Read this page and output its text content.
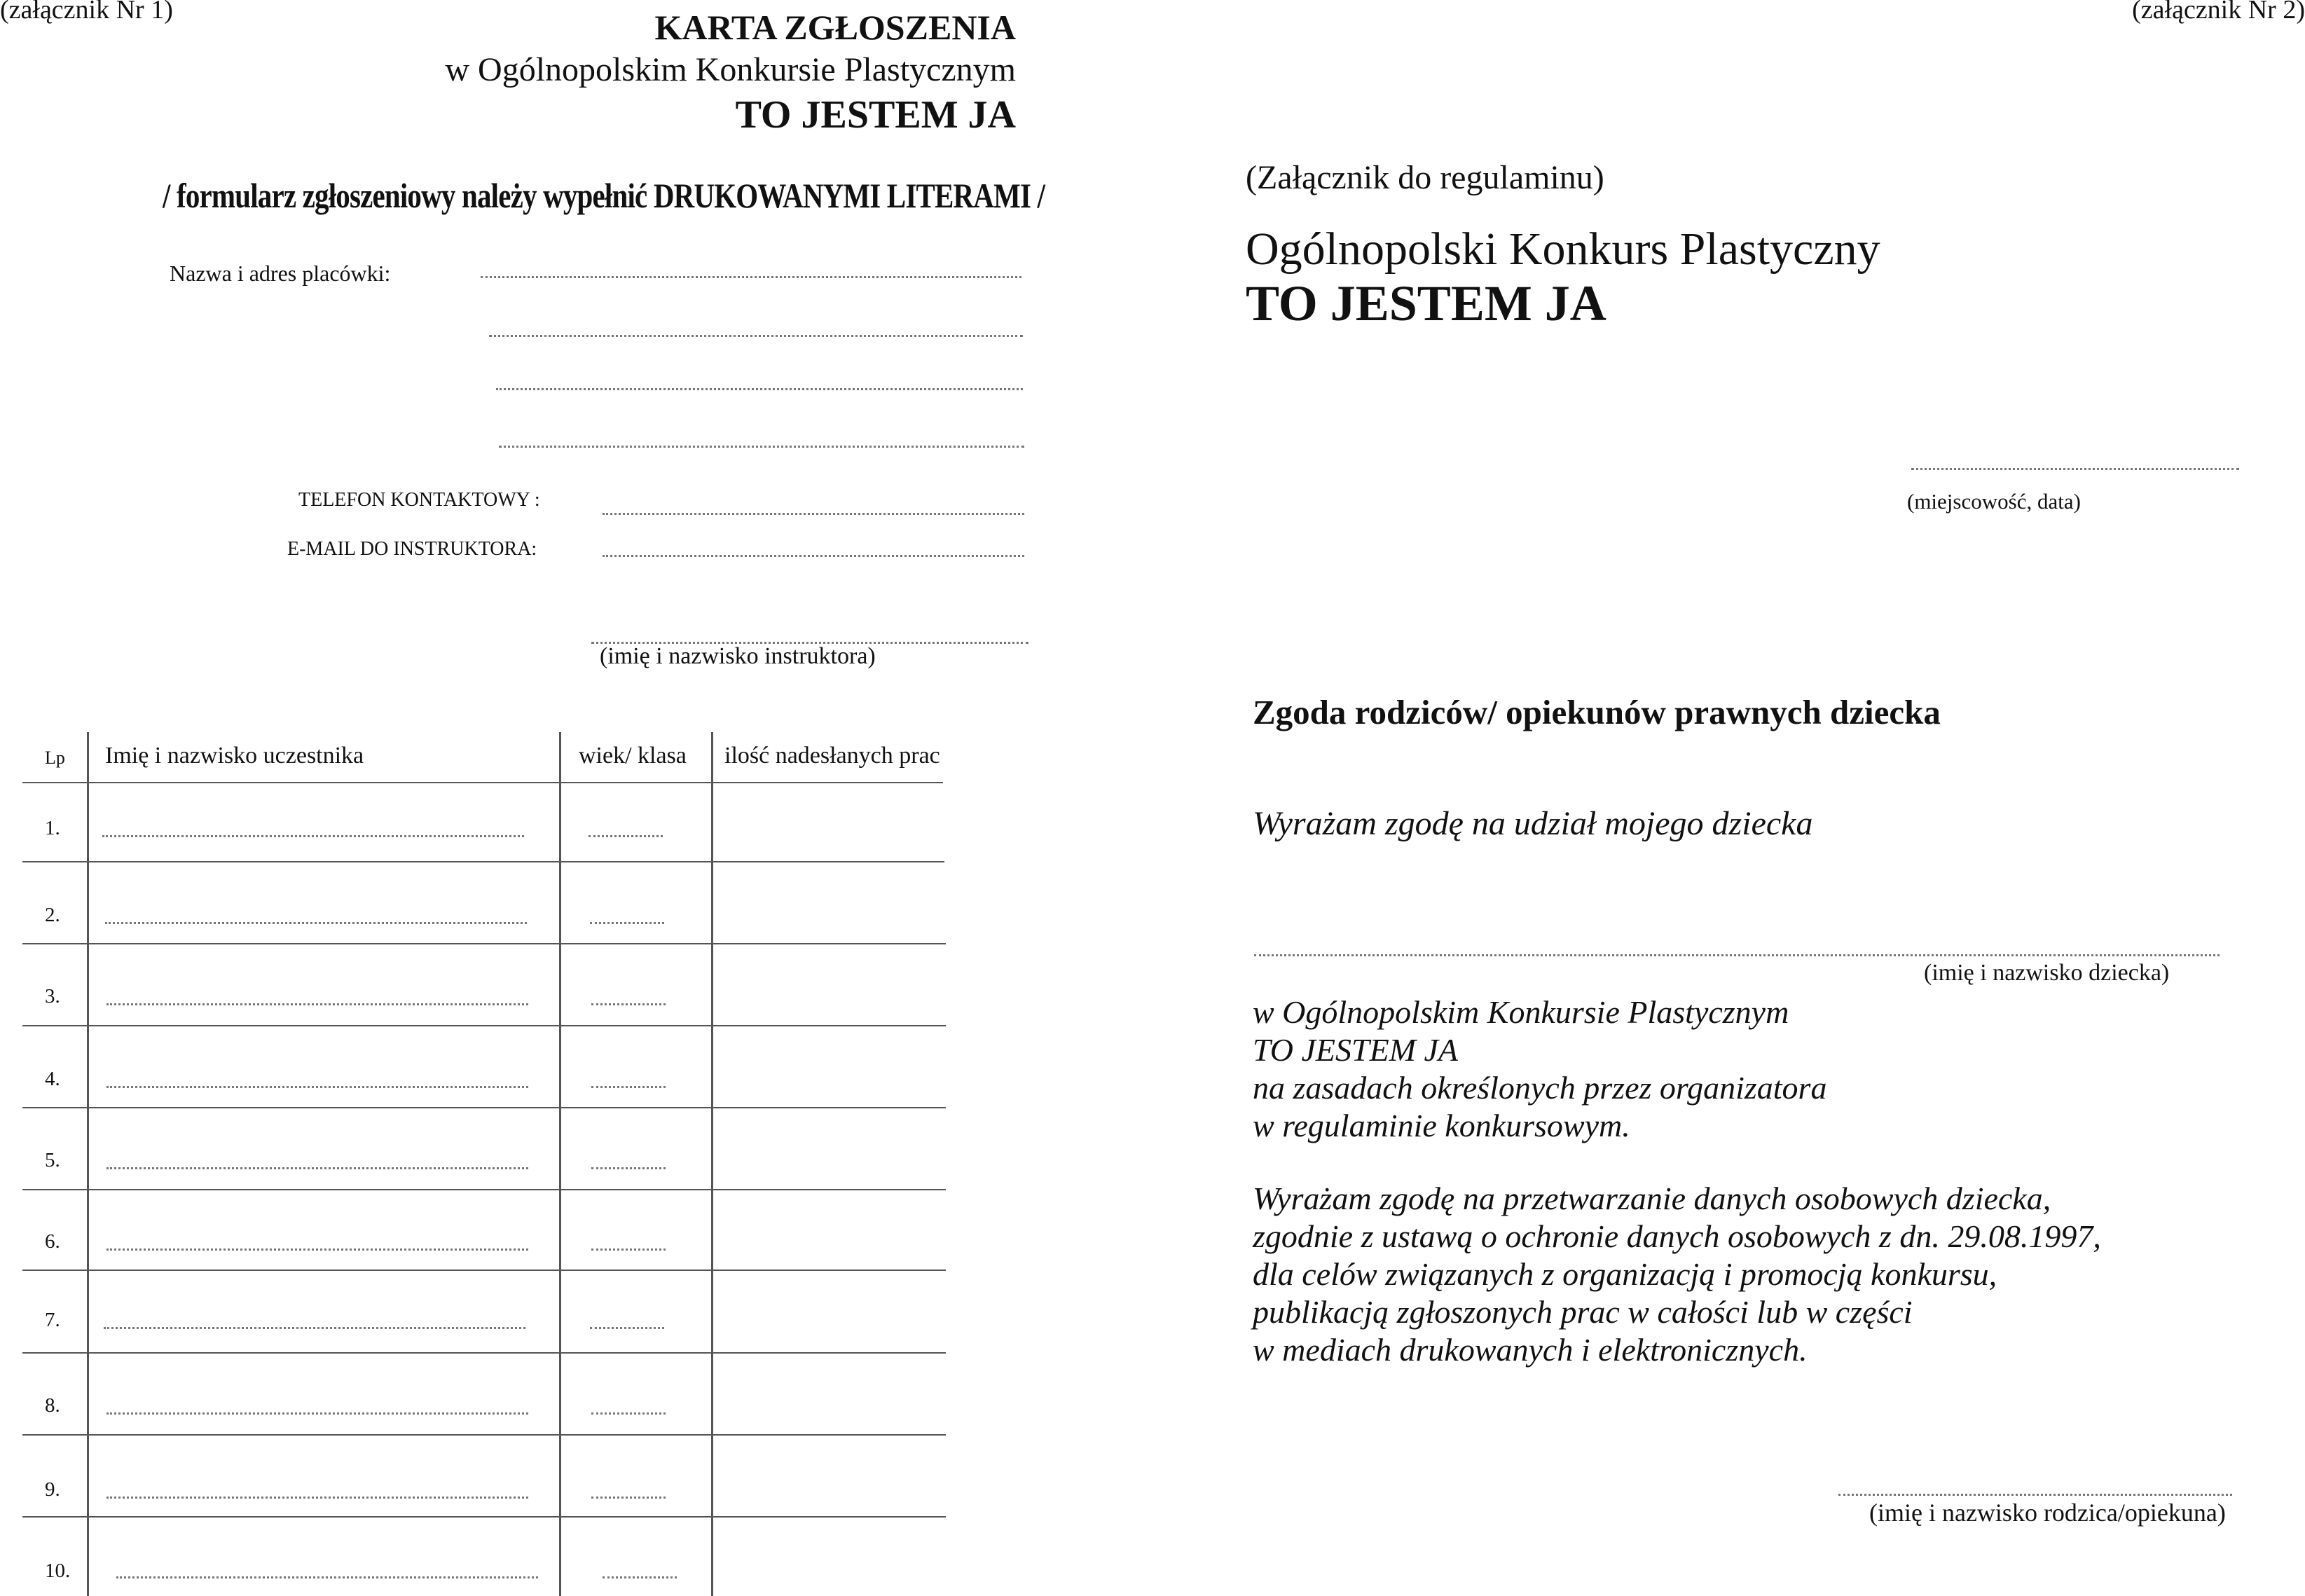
(załącznik Nr 1)	KARTA ZGŁOSZENIA
w Ogólnopolskim Konkursie Plastycznym
TO JESTEM JA
/ formularz zgłoszeniowy należy wypełnić DRUKOWANYMI LITERAMI /
Nazwa i adres placówki:
TELEFON KONTAKTOWY :
E-MAIL DO INSTRUKTORA:
(imię i nazwisko instruktora)
Lp Imię i nazwisko uczestnika	wiek/ klasa ilość nadesłanych prac
1.
2.
3.
4.
5.
6.
7.
8.
9.
10.
(załącznik Nr 2)
(Załącznik do regulaminu)
Ogólnopolski Konkurs Plastyczny
TO JESTEM JA
(miejscowość, data)
Zgoda rodziców/ opiekunów prawnych dziecka
Wyrażam zgodę na udział mojego dziecka
(imię i nazwisko dziecka)
w Ogólnopolskim Konkursie Plastycznym
TO JESTEM JA
na zasadach określonych przez organizatora
w regulaminie konkursowym.
Wyrażam zgodę na przetwarzanie danych osobowych dziecka,
zgodnie z ustawą o ochronie danych osobowych z dn. 29.08.1997,
dla celów związanych z organizacją i promocją konkursu,
publikacją zgłoszonych prac w całości lub w części
w mediach drukowanych i elektronicznych.
(imię i nazwisko rodzica/opiekuna)
